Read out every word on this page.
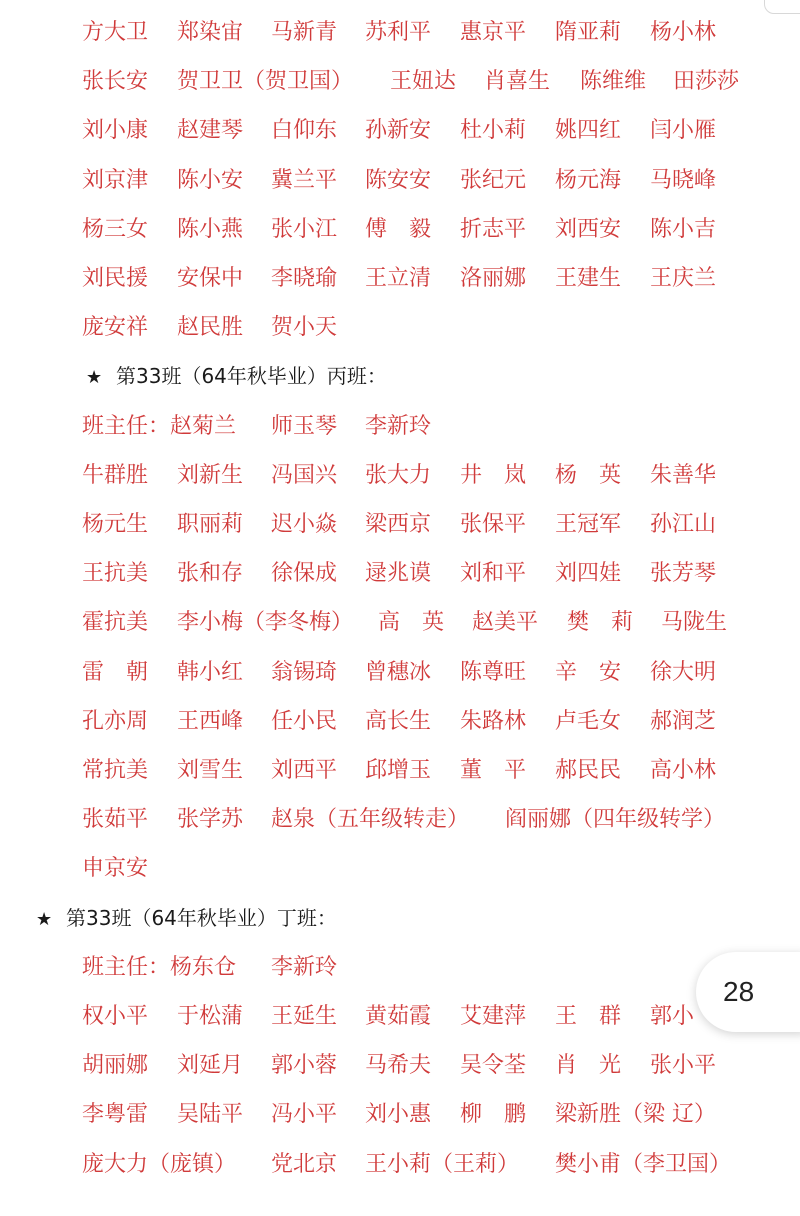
方大卫 郑染宙 马新青 苏利平 惠京平 隋亚莉 杨小林
张长安 贺卫卫（贺卫国） 王妞达 肖喜生 陈维维 田莎莎
刘小康 赵建琴 白仰东 孙新安 杜小莉 姚四红 闫小雁
刘京津 陈小安 冀兰平 陈安安 张纪元 杨元海 马晓峰
杨三女 陈小燕 张小江 傅　毅 折志平 刘西安 陈小吉
刘民援 安保中 李晓瑜 王立清 洛丽娜 王建生 王庆兰
庞安祥 赵民胜 贺小天
★ 第33班（64年秋毕业）丙班：
班主任：赵菊兰 师玉琴 李新玲
牛群胜 刘新生 冯国兴 张大力 井　岚 杨　英 朱善华
杨元生 职丽莉 迟小焱 梁西京 张保平 王冠军 孙江山
王抗美 张和存 徐保成 逯兆谟 刘和平 刘四娃 张芳琴
霍抗美 李小梅（李冬梅） 高　英 赵美平 樊　莉 马陇生
雷　朝 韩小红 翁锡琦 曾穗冰 陈尊旺 辛　安 徐大明
孔亦周 王西峰 任小民 高长生 朱路林 卢毛女 郝润芝
常抗美 刘雪生 刘西平 邱增玉 董　平 郝民民 高小林
张茹平 张学苏 赵泉（五年级转走） 阎丽娜（四年级转学）
申京安
★ 第33班（64年秋毕业）丁班：
班主任：杨东仓 李新玲
权小平 于松蒲 王延生 黄茹霞 艾建萍 王　群 郭小
胡丽娜 刘延月 郭小蓉 马希夫 吴令荃 肖　光 张小平
李粤雷 吴陆平 冯小平 刘小惠 柳　鹏 梁新胜（梁 辽）
庞大力（庞镇） 党北京 王小莉（王莉） 樊小甫（李卫国）
28
